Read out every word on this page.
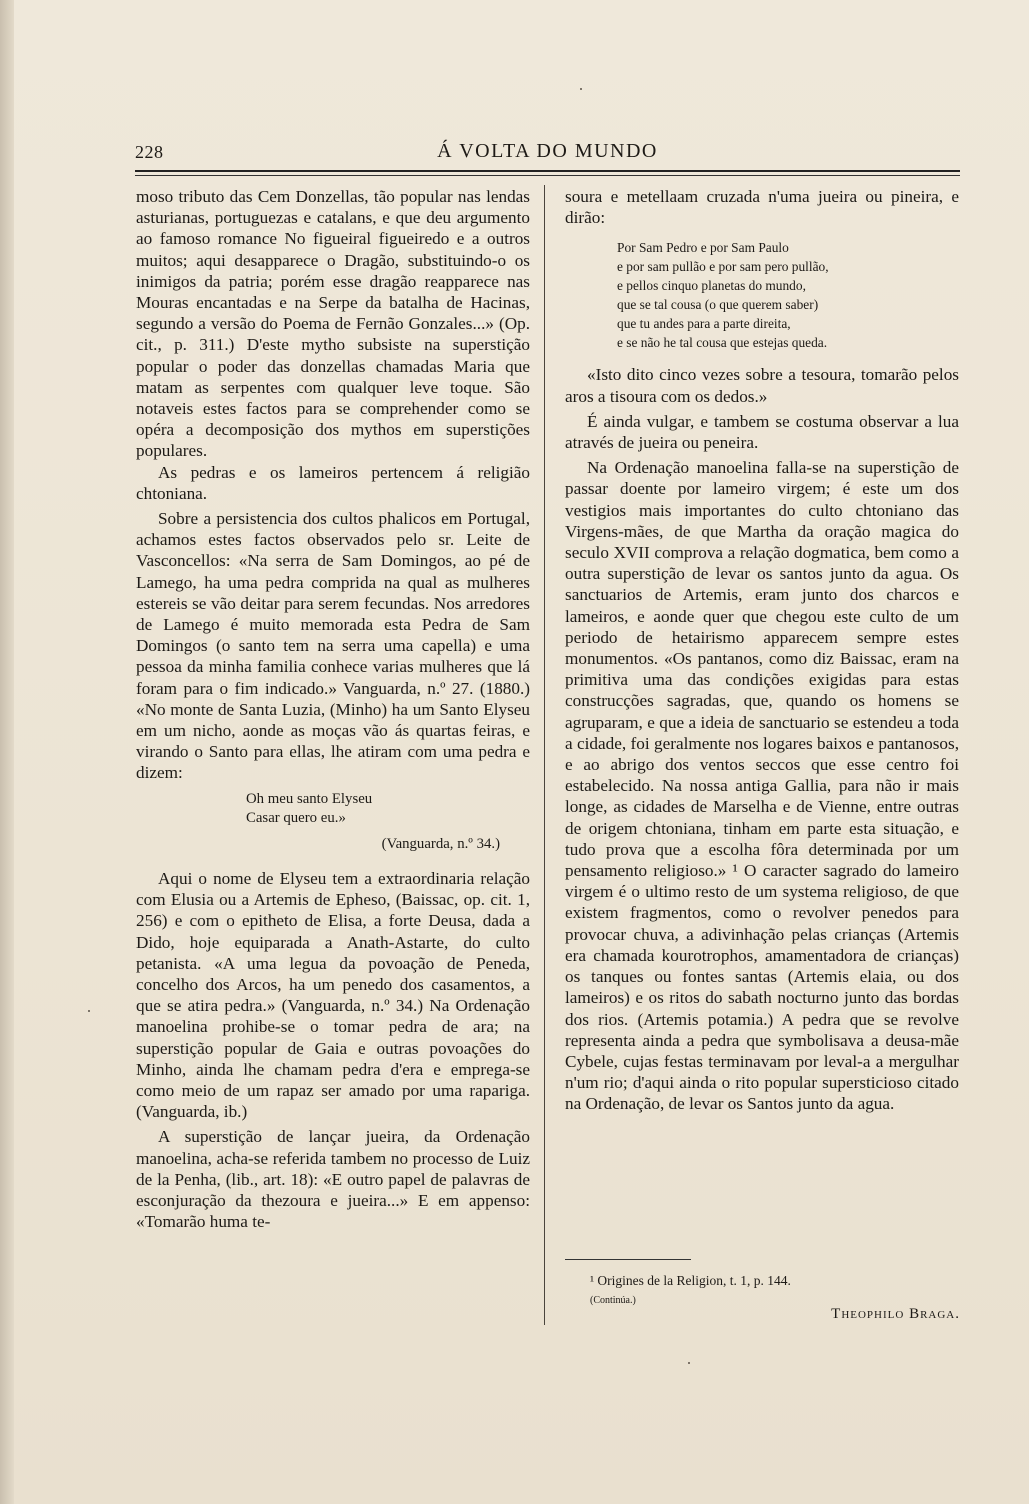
228	Á VOLTA DO MUNDO

moso tributo das Cem Donzellas, tão popular nas lendas asturianas, portuguezas e catalans, e que deu argumento ao famoso romance No figueiral figueiredo e a outros muitos; aqui desapparece o Dragão, substituindo-o os inimigos da patria; porém esse dragão reapparece nas Mouras encantadas e na Serpe da batalha de Hacinas, segundo a versão do Poema de Fernão Gonzales...» (Op. cit., p. 311.) D'este mytho subsiste na superstição popular o poder das donzellas chamadas Maria que matam as serpentes com qualquer leve toque. São notaveis estes factos para se comprehender como se opéra a decomposição dos mythos em superstições populares.

As pedras e os lameiros pertencem á religião chtoniana.

Sobre a persistencia dos cultos phalicos em Portugal, achamos estes factos observados pelo sr. Leite de Vasconcellos: «Na serra de Sam Domingos, ao pé de Lamego, ha uma pedra comprida na qual as mulheres estereis se vão deitar para serem fecundas. Nos arredores de Lamego é muito memorada esta Pedra de Sam Domingos (o santo tem na serra uma capella) e uma pessoa da minha familia conhece varias mulheres que lá foram para o fim indicado.» Vanguarda, n.º 27. (1880.) «No monte de Santa Luzia, (Minho) ha um Santo Elyseu em um nicho, aonde as moças vão ás quartas feiras, e virando o Santo para ellas, lhe atiram com uma pedra e dizem:

Oh meu santo Elyseu
Casar quero eu.»
(Vanguarda, n.º 34.)

Aqui o nome de Elyseu tem a extraordinaria relação com Elusia ou a Artemis de Epheso, (Baissac, op. cit. 1, 256) e com o epitheto de Elisa, a forte Deusa, dada a Dido, hoje equiparada a Anath-Astarte, do culto petanista. «A uma legua da povoação de Peneda, concelho dos Arcos, ha um penedo dos casamentos, a que se atira pedra.» (Vanguarda, n.º 34.) Na Ordenação manoelina prohibe-se o tomar pedra de ara; na superstição popular de Gaia e outras povoações do Minho, ainda lhe chamam pedra d'era e emprega-se como meio de um rapaz ser amado por uma rapariga. (Vanguarda, ib.)

A superstição de lançar jueira, da Ordenação manoelina, acha-se referida tambem no processo de Luiz de la Penha, (lib., art. 18): «E outro papel de palavras de esconjuração da thezoura e jueira...» E em appenso: «Tomarão huma te-

soura e metellaam cruzada n'uma jueira ou pineira, e dirão:

Por Sam Pedro e por Sam Paulo
e por sam pullão e por sam pero pullão,
e pellos cinquo planetas do mundo,
que se tal cousa (o que querem saber)
que tu andes para a parte direita,
e se não he tal cousa que estejas queda.

«Isto dito cinco vezes sobre a tesoura, tomarão pelos aros a tisoura com os dedos.»

É ainda vulgar, e tambem se costuma observar a lua através de jueira ou peneira.

Na Ordenação manoelina falla-se na superstição de passar doente por lameiro virgem; é este um dos vestigios mais importantes do culto chtoniano das Virgens-mães, de que Martha da oração magica do seculo XVII comprova a relação dogmatica, bem como a outra superstição de levar os santos junto da agua. Os sanctuarios de Artemis, eram junto dos charcos e lameiros, e aonde quer que chegou este culto de um periodo de hetairismo apparecem sempre estes monumentos. «Os pantanos, como diz Baissac, eram na primitiva uma das condições exigidas para estas construcções sagradas, que, quando os homens se agruparam, e que a ideia de sanctuario se estendeu a toda a cidade, foi geralmente nos logares baixos e pantanosos, e ao abrigo dos ventos seccos que esse centro foi estabelecido. Na nossa antiga Gallia, para não ir mais longe, as cidades de Marselha e de Vienne, entre outras de origem chtoniana, tinham em parte esta situação, e tudo prova que a escolha fôra determinada por um pensamento religioso.» ¹ O caracter sagrado do lameiro virgem é o ultimo resto de um systema religioso, de que existem fragmentos, como o revolver penedos para provocar chuva, a adivinhação pelas crianças (Artemis era chamada kourotrophos, amamentadora de crianças) os tanques ou fontes santas (Artemis elaia, ou dos lameiros) e os ritos do sabath nocturno junto das bordas dos rios. (Artemis potamia.) A pedra que se revolve representa ainda a pedra que symbolisava a deusa-mãe Cybele, cujas festas terminavam por leval-a a mergulhar n'um rio; d'aqui ainda o rito popular supersticioso citado na Ordenação, de levar os Santos junto da agua.

¹ Origines de la Religion, t. 1, p. 144.
(Continúa.)
Theophilo Braga.
